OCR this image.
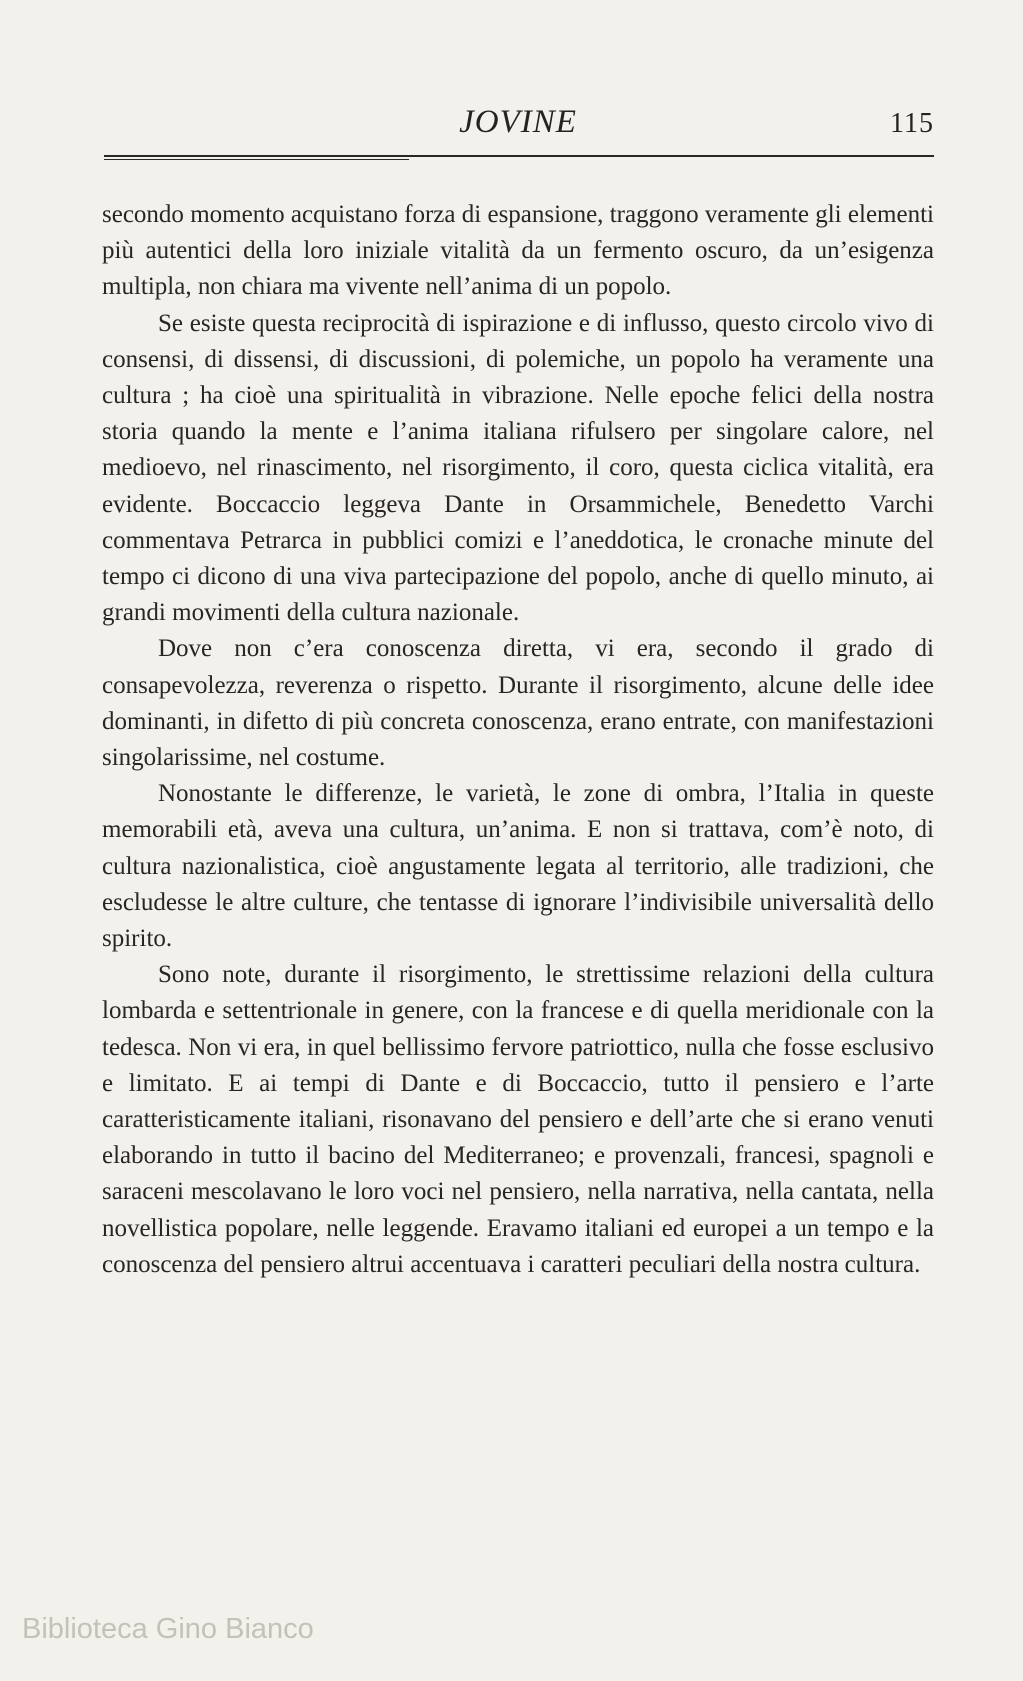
JOVINE	115

secondo momento acquistano forza di espansione, traggono veramente gli elementi più autentici della loro iniziale vitalità da un fermento oscuro, da un’esigenza multipla, non chiara ma vivente nell’anima di un popolo.

Se esiste questa reciprocità di ispirazione e di influsso, questo circolo vivo di consensi, di dissensi, di discussioni, di polemiche, un popolo ha veramente una cultura ; ha cioè una spiritualità in vibrazione. Nelle epoche felici della nostra storia quando la mente e l’anima italiana rifulsero per singolare calore, nel medioevo, nel rinascimento, nel risorgimento, il coro, questa ciclica vitalità, era evidente. Boccaccio leggeva Dante in Orsammichele, Benedetto Varchi commentava Petrarca in pubblici comizi e l’aneddotica, le cronache minute del tempo ci dicono di una viva partecipazione del popolo, anche di quello minuto, ai grandi movimenti della cultura nazionale.

Dove non c’era conoscenza diretta, vi era, secondo il grado di consapevolezza, reverenza o rispetto. Durante il risorgimento, alcune delle idee dominanti, in difetto di più concreta conoscenza, erano entrate, con manifestazioni singolarissime, nel costume.

Nonostante le differenze, le varietà, le zone di ombra, l’Italia in queste memorabili età, aveva una cultura, un’anima. E non si trattava, com’è noto, di cultura nazionalistica, cioè angustamente legata al territorio, alle tradizioni, che escludesse le altre culture, che tentasse di ignorare l’indivisibile universalità dello spirito.

Sono note, durante il risorgimento, le strettissime relazioni della cultura lombarda e settentrionale in genere, con la francese e di quella meridionale con la tedesca. Non vi era, in quel bellissimo fervore patriottico, nulla che fosse esclusivo e limitato. E ai tempi di Dante e di Boccaccio, tutto il pensiero e l’arte caratteristicamente italiani, risonavano del pensiero e dell’arte che si erano venuti elaborando in tutto il bacino del Mediterraneo; e provenzali, francesi, spagnoli e saraceni mescolavano le loro voci nel pensiero, nella narrativa, nella cantata, nella novellistica popolare, nelle leggende. Eravamo italiani ed europei a un tempo e la conoscenza del pensiero altrui accentuava i caratteri peculiari della nostra cultura.

Biblioteca Gino Bianco
